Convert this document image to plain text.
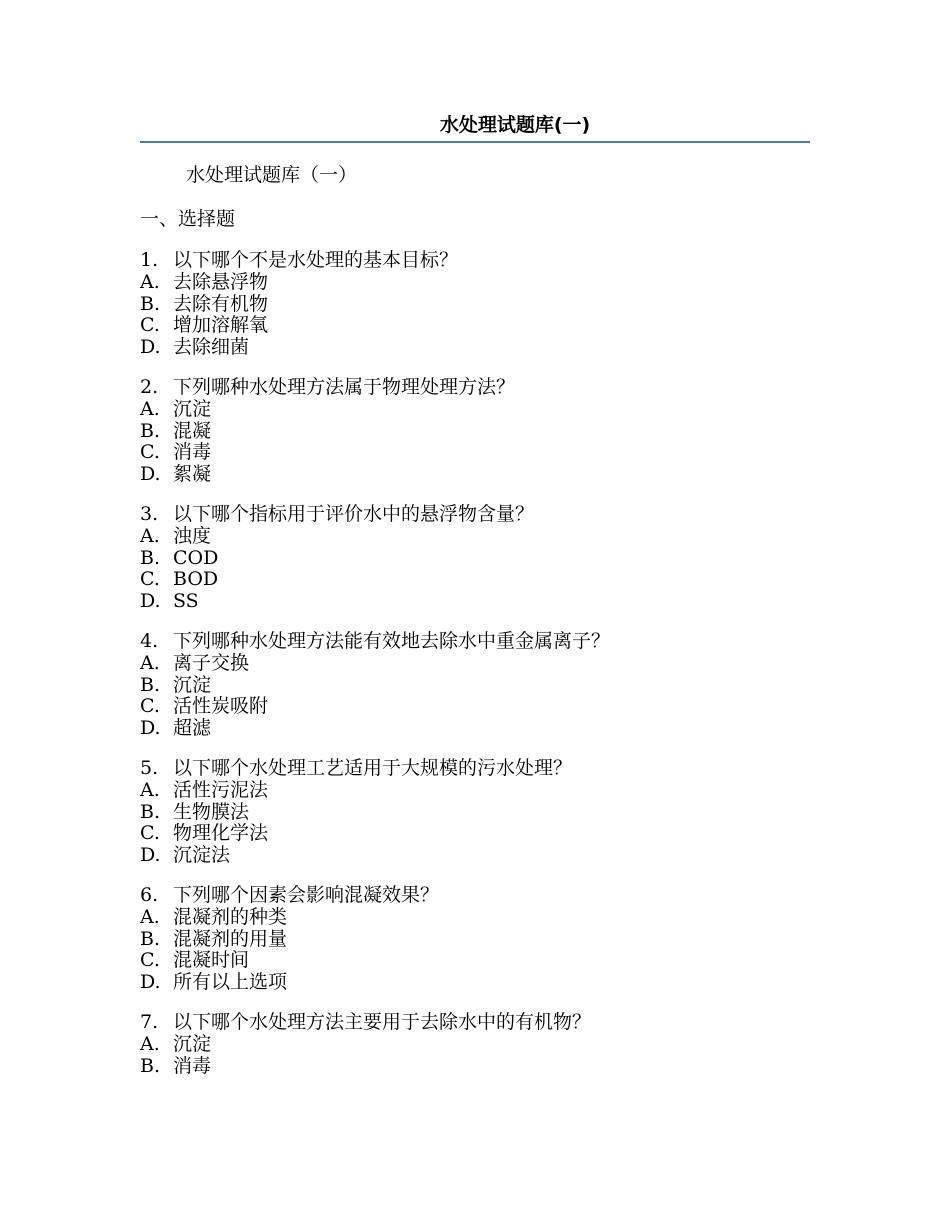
水处理试题库(一)
水处理试题库（一）
一、选择题
1. 以下哪个不是水处理的基本目标？
A. 去除悬浮物
B. 去除有机物
C. 增加溶解氧
D. 去除细菌
2. 下列哪种水处理方法属于物理处理方法？
A. 沉淀
B. 混凝
C. 消毒
D. 絮凝
3. 以下哪个指标用于评价水中的悬浮物含量？
A. 浊度
B. COD
C. BOD
D. SS
4. 下列哪种水处理方法能有效地去除水中重金属离子？
A. 离子交换
B. 沉淀
C. 活性炭吸附
D. 超滤
5. 以下哪个水处理工艺适用于大规模的污水处理？
A. 活性污泥法
B. 生物膜法
C. 物理化学法
D. 沉淀法
6. 下列哪个因素会影响混凝效果？
A. 混凝剂的种类
B. 混凝剂的用量
C. 混凝时间
D. 所有以上选项
7. 以下哪个水处理方法主要用于去除水中的有机物？
A. 沉淀
B. 消毒
